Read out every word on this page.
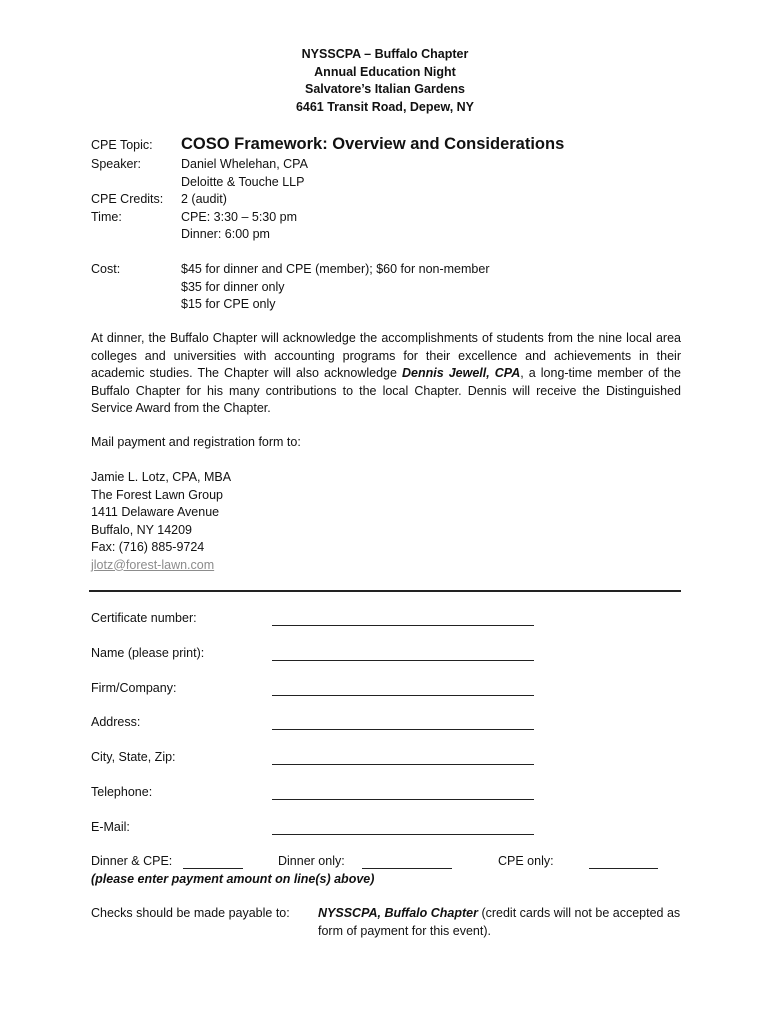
NYSSCPA – Buffalo Chapter
Annual Education Night
Salvatore’s Italian Gardens
6461 Transit Road, Depew, NY
CPE Topic:	COSO Framework: Overview and Considerations
Speaker:	Daniel Whelehan, CPA
Deloitte & Touche LLP
CPE Credits:	2 (audit)
Time:	CPE: 3:30 – 5:30 pm
Dinner: 6:00 pm
Cost:	$45 for dinner and CPE (member); $60 for non-member
$35 for dinner only
$15 for CPE only
At dinner, the Buffalo Chapter will acknowledge the accomplishments of students from the nine local area colleges and universities with accounting programs for their excellence and achievements in their academic studies. The Chapter will also acknowledge Dennis Jewell, CPA, a long-time member of the Buffalo Chapter for his many contributions to the local Chapter. Dennis will receive the Distinguished Service Award from the Chapter.
Mail payment and registration form to:
Jamie L. Lotz, CPA, MBA
The Forest Lawn Group
1411 Delaware Avenue
Buffalo, NY 14209
Fax: (716) 885-9724
jlotz@forest-lawn.com
Certificate number:
Name (please print):
Firm/Company:
Address:
City, State, Zip:
Telephone:
E-Mail:
Dinner & CPE:	Dinner only:	CPE only:
(please enter payment amount on line(s) above)
Checks should be made payable to: NYSSCPA, Buffalo Chapter (credit cards will not be accepted as form of payment for this event).
